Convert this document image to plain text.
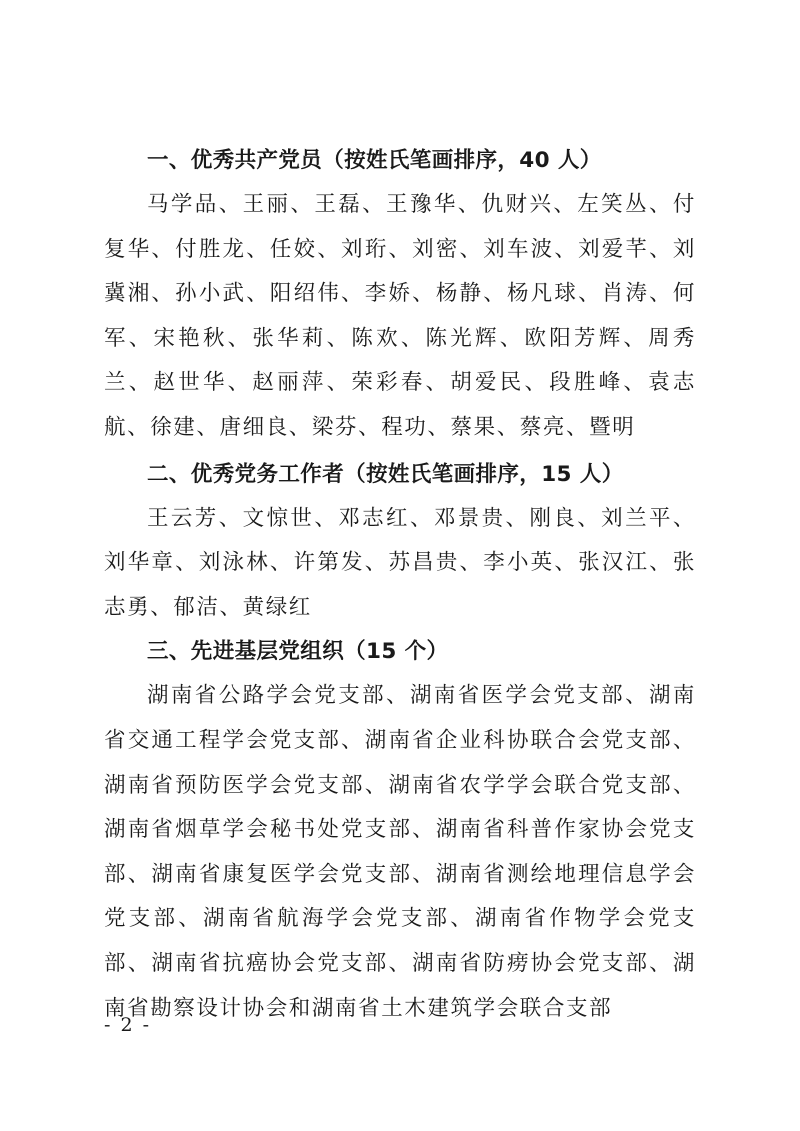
一、优秀共产党员（按姓氏笔画排序，40 人）

马学品、王丽、王磊、王豫华、仇财兴、左笑丛、付复华、付胜龙、任姣、刘珩、刘密、刘车波、刘爱芊、刘冀湘、孙小武、阳绍伟、李娇、杨静、杨凡球、肖涛、何军、宋艳秋、张华莉、陈欢、陈光辉、欧阳芳辉、周秀兰、赵世华、赵丽萍、荣彩春、胡爱民、段胜峰、袁志航、徐建、唐细良、梁芬、程功、蔡果、蔡亮、暨明

二、优秀党务工作者（按姓氏笔画排序，15 人）

王云芳、文惊世、邓志红、邓景贵、刚良、刘兰平、刘华章、刘泳林、许第发、苏昌贵、李小英、张汉江、张志勇、郁洁、黄绿红

三、先进基层党组织（15 个）

湖南省公路学会党支部、湖南省医学会党支部、湖南省交通工程学会党支部、湖南省企业科协联合会党支部、湖南省预防医学会党支部、湖南省农学学会联合党支部、湖南省烟草学会秘书处党支部、湖南省科普作家协会党支部、湖南省康复医学会党支部、湖南省测绘地理信息学会党支部、湖南省航海学会党支部、湖南省作物学会党支部、湖南省抗癌协会党支部、湖南省防痨协会党支部、湖南省勘察设计协会和湖南省土木建筑学会联合支部

- 2 -
